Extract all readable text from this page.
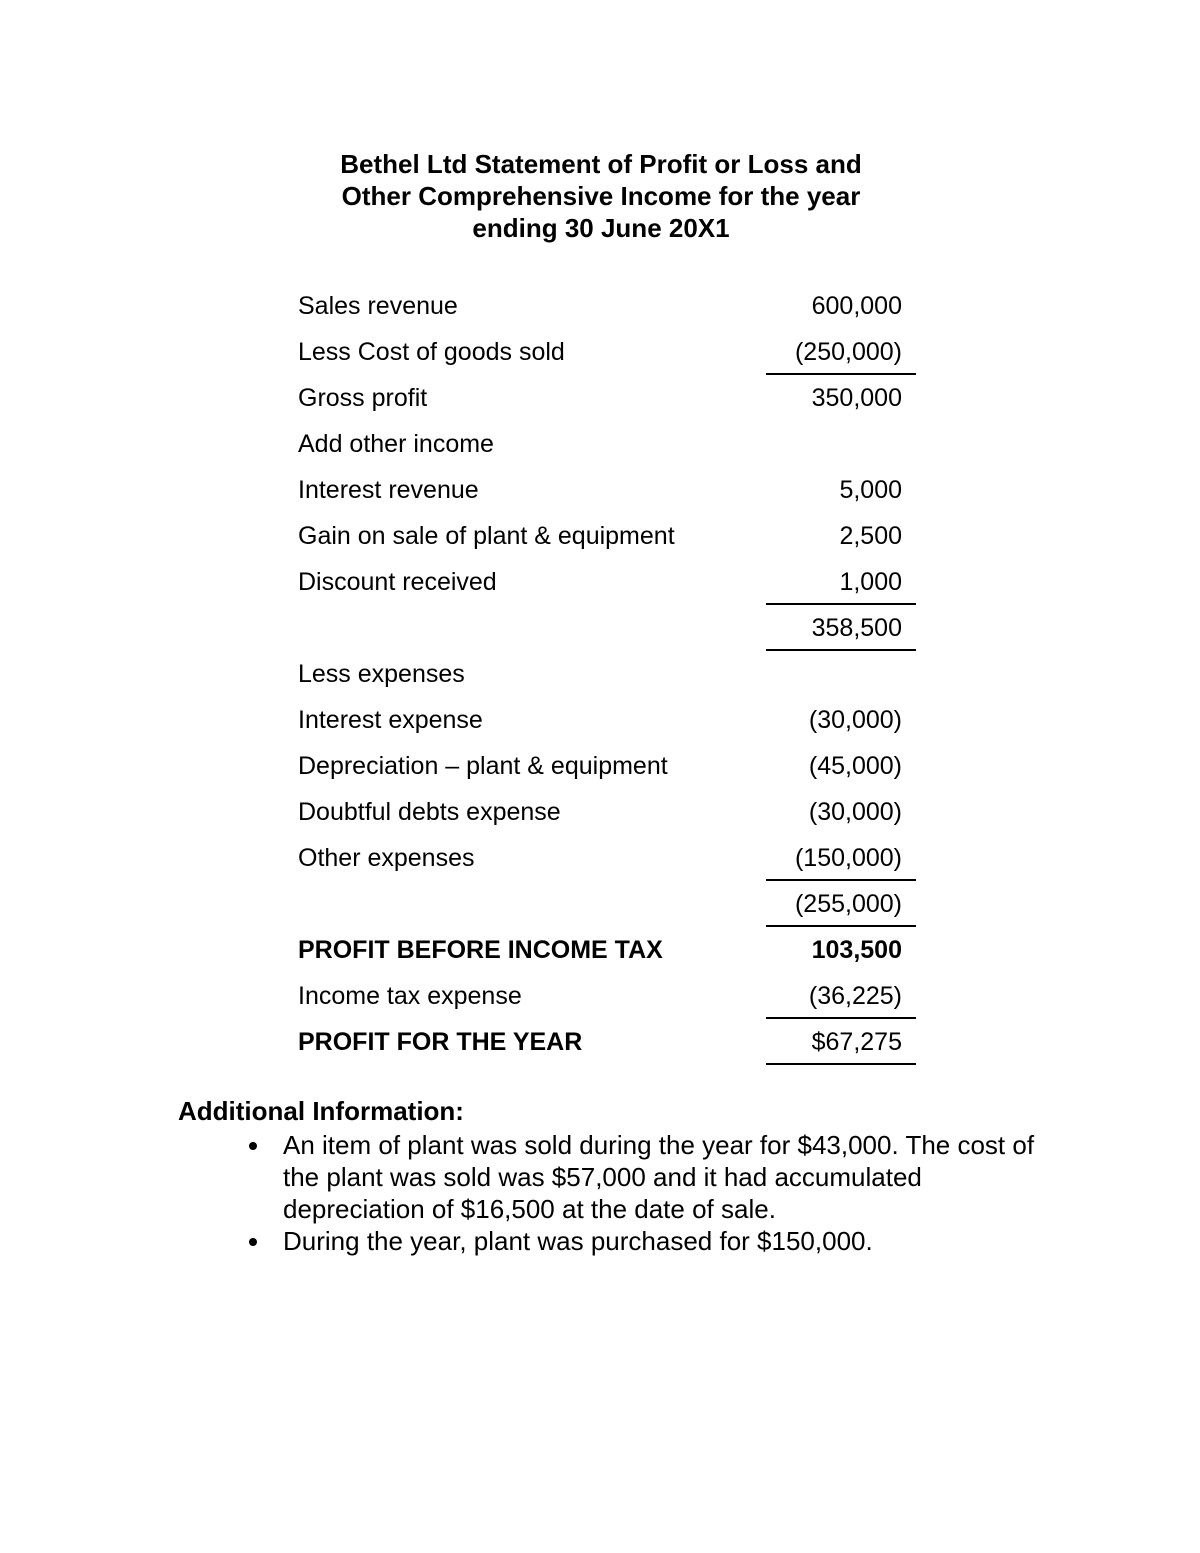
Bethel Ltd Statement of Profit or Loss and
Other Comprehensive Income for the year
ending 30 June 20X1
Sales revenue	600,000
Less Cost of goods sold	(250,000)
Gross profit	350,000
Add other income
Interest revenue	5,000
Gain on sale of plant & equipment	2,500
Discount received	1,000
358,500
Less expenses
Interest expense	(30,000)
Depreciation – plant & equipment	(45,000)
Doubtful debts expense	(30,000)
Other expenses	(150,000)
(255,000)
PROFIT BEFORE INCOME TAX	103,500
Income tax expense	(36,225)
PROFIT FOR THE YEAR	$67,275

Additional Information:

An item of plant was sold during the year for $43,000. The cost of the plant was sold was $57,000 and it had accumulated depreciation of $16,500 at the date of sale.
During the year, plant was purchased for $150,000.
